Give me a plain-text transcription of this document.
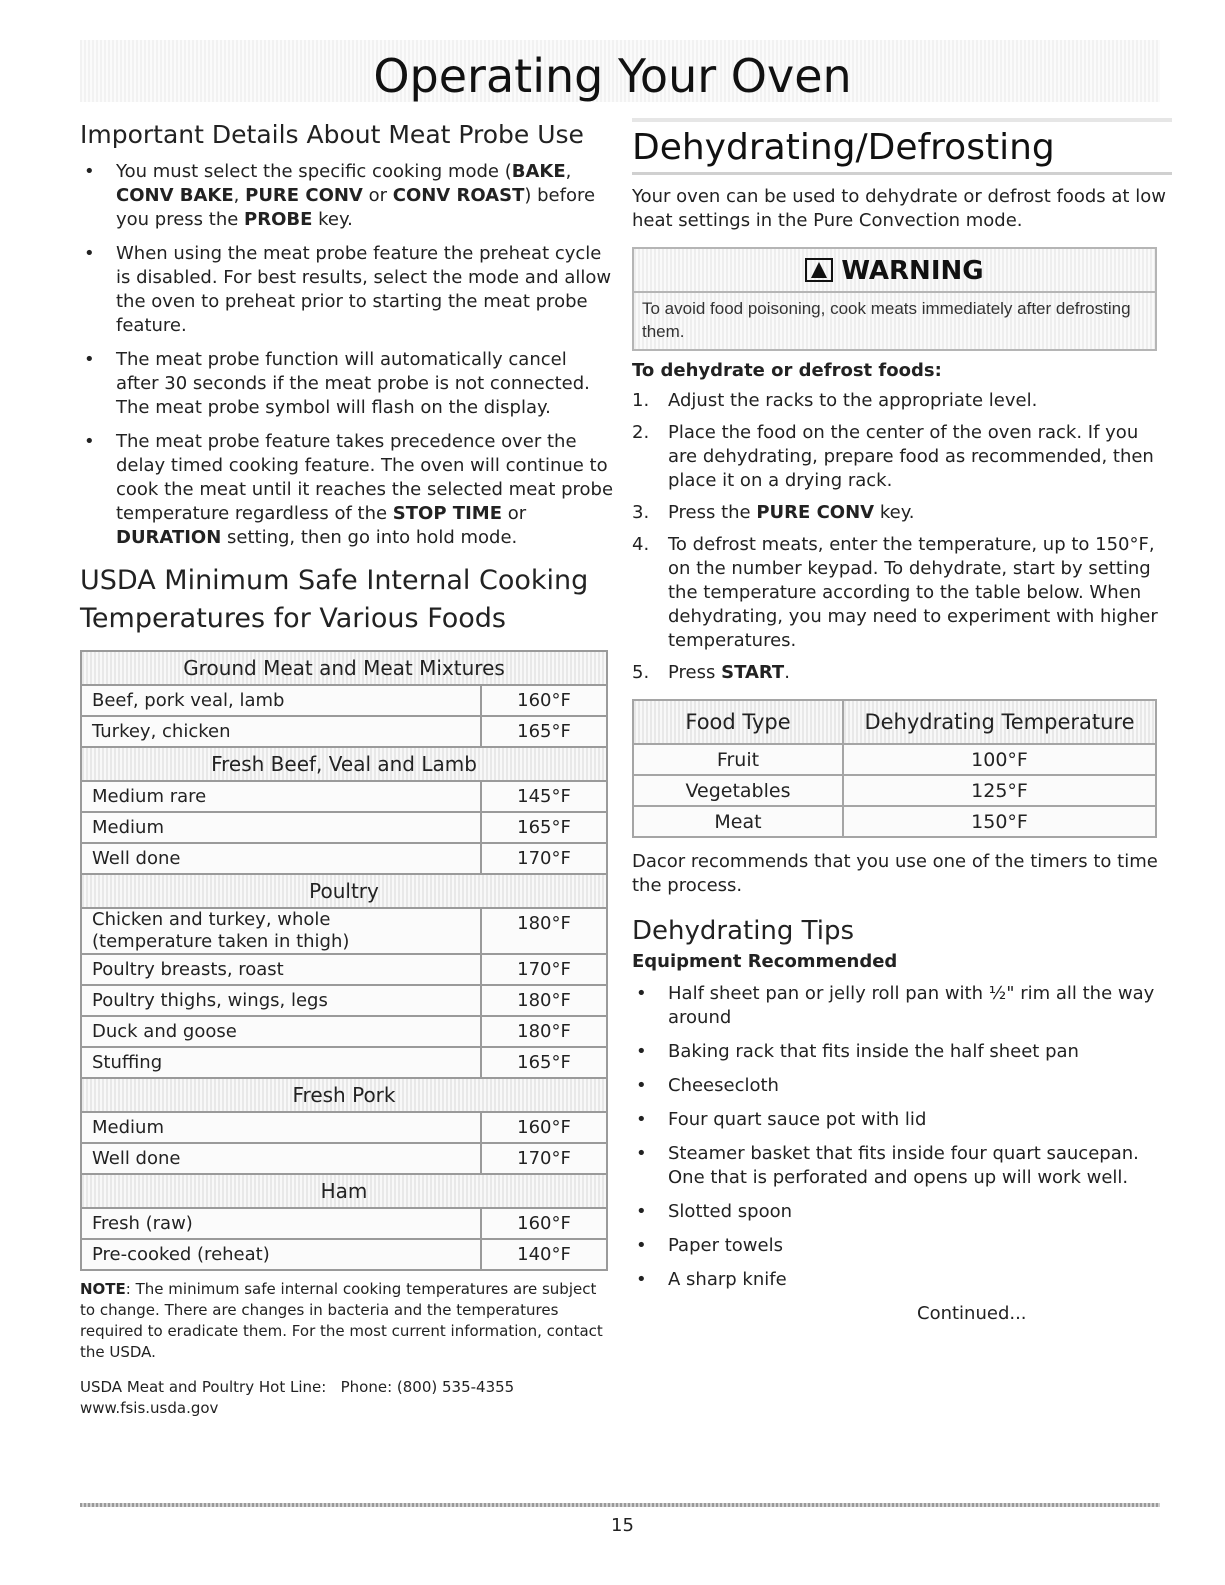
Operating Your Oven
Important Details About Meat Probe Use
• You must select the specific cooking mode (BAKE, CONV BAKE, PURE CONV or CONV ROAST) before you press the PROBE key.
• When using the meat probe feature the preheat cycle is disabled. For best results, select the mode and allow the oven to preheat prior to starting the meat probe feature.
• The meat probe function will automatically cancel after 30 seconds if the meat probe is not connected. The meat probe symbol will flash on the display.
• The meat probe feature takes precedence over the delay timed cooking feature. The oven will continue to cook the meat until it reaches the selected meat probe temperature regardless of the STOP TIME or DURATION setting, then go into hold mode.
USDA Minimum Safe Internal Cooking
Temperatures for Various Foods
Ground Meat and Meat Mixtures	
Beef, pork veal, lamb	160°F
Turkey, chicken	165°F
Fresh Beef, Veal and Lamb	
Medium rare	145°F
Medium	165°F
Well done	170°F
Poultry	

Chicken and turkey, whole
(temperature taken in thigh)	180°F
Poultry breasts, roast	170°F
Poultry thighs, wings, legs	180°F
Duck and goose	180°F
Stuffing	165°F
Fresh Pork	
Medium	160°F
Well done	170°F
Ham	
Fresh (raw)	160°F
Pre-cooked (reheat)	140°F
NOTE: The minimum safe internal cooking temperatures are subject to change. There are changes in bacteria and the temperatures required to eradicate them. For the most current information, contact the USDA.
USDA Meat and Poultry Hot Line: Phone: (800) 535-4355
www.fsis.usda.gov
Dehydrating/Defrosting
Your oven can be used to dehydrate or defrost foods at low heat settings in the Pure Convection mode.
WARNING
To avoid food poisoning, cook meats immediately after defrosting them.
To dehydrate or defrost foods:
1. Adjust the racks to the appropriate level.
2. Place the food on the center of the oven rack. If you are dehydrating, prepare food as recommended, then place it on a drying rack.
3. Press the PURE CONV key.
4. To defrost meats, enter the temperature, up to 150°F, on the number keypad. To dehydrate, start by setting the temperature according to the table below. When dehydrating, you may need to experiment with higher temperatures.
5. Press START.
Food Type	Dehydrating Temperature
Fruit	100°F
Vegetables	125°F
Meat	150°F
Dacor recommends that you use one of the timers to time the process.
Dehydrating Tips
Equipment Recommended
• Half sheet pan or jelly roll pan with ½" rim all the way around
• Baking rack that fits inside the half sheet pan
• Cheesecloth
• Four quart sauce pot with lid
• Steamer basket that fits inside four quart saucepan. One that is perforated and opens up will work well.
• Slotted spoon
• Paper towels
• A sharp knife
Continued...
15
